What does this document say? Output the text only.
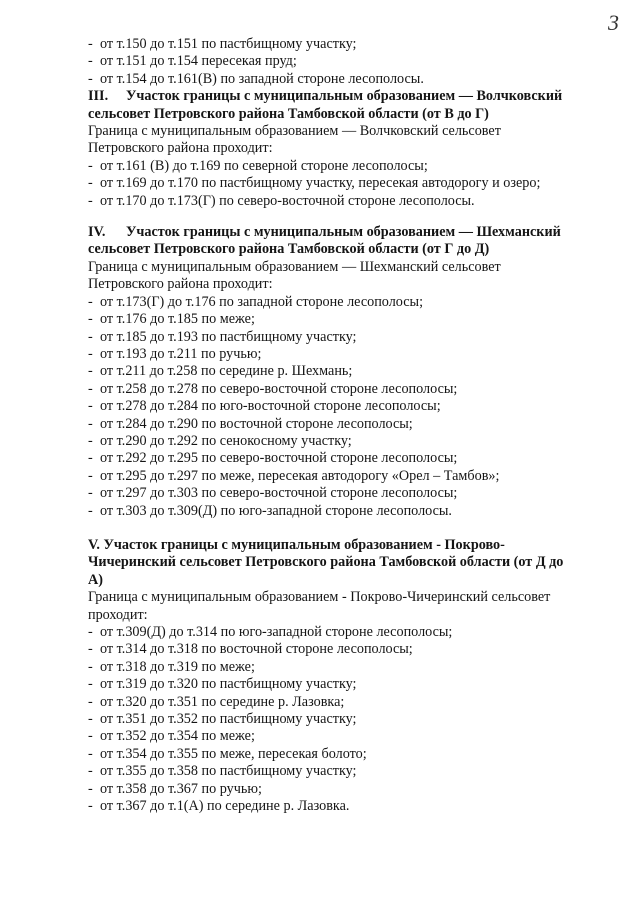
3
- от т.150 до т.151 по пастбищному участку;
- от т.151 до т.154 пересекая пруд;
- от т.154 до т.161(В) по западной стороне лесополосы.
III. Участок границы с муниципальным образованием — Волчковский
сельсовет Петровского района Тамбовской области (от В до Г)
Граница с муниципальным образованием — Волчковский сельсовет
Петровского района проходит:
- от т.161 (В) до т.169 по северной стороне лесополосы;
- от т.169 до т.170 по пастбищному участку, пересекая автодорогу и озеро;
- от т.170 до т.173(Г) по северо-восточной стороне лесополосы.
IV. Участок границы с муниципальным образованием — Шехманский
сельсовет Петровского района Тамбовской области (от Г до Д)
Граница с муниципальным образованием — Шехманский сельсовет
Петровского района проходит:
- от т.173(Г) до т.176 по западной стороне лесополосы;
- от т.176 до т.185 по меже;
- от т.185 до т.193 по пастбищному участку;
- от т.193 до т.211 по ручью;
- от т.211 до т.258 по середине р. Шехмань;
- от т.258 до т.278 по северо-восточной стороне лесополосы;
- от т.278 до т.284 по юго-восточной стороне лесополосы;
- от т.284 до т.290 по восточной стороне лесополосы;
- от т.290 до т.292 по сенокосному участку;
- от т.292 до т.295 по северо-восточной стороне лесополосы;
- от т.295 до т.297 по меже, пересекая автодорогу «Орел – Тамбов»;
- от т.297 до т.303 по северо-восточной стороне лесополосы;
- от т.303 до т.309(Д) по юго-западной стороне лесополосы.
V. Участок границы с муниципальным образованием - Покрово-
Чичеринский сельсовет Петровского района Тамбовской области (от Д до
А)
Граница с муниципальным образованием - Покрово-Чичеринский сельсовет
проходит:
- от т.309(Д) до т.314 по юго-западной стороне лесополосы;
- от т.314 до т.318 по восточной стороне лесополосы;
- от т.318 до т.319 по меже;
- от т.319 до т.320 по пастбищному участку;
- от т.320 до т.351 по середине р. Лазовка;
- от т.351 до т.352 по пастбищному участку;
- от т.352 до т.354 по меже;
- от т.354 до т.355 по меже, пересекая болото;
- от т.355 до т.358 по пастбищному участку;
- от т.358 до т.367 по ручью;
- от т.367 до т.1(А) по середине р. Лазовка.
